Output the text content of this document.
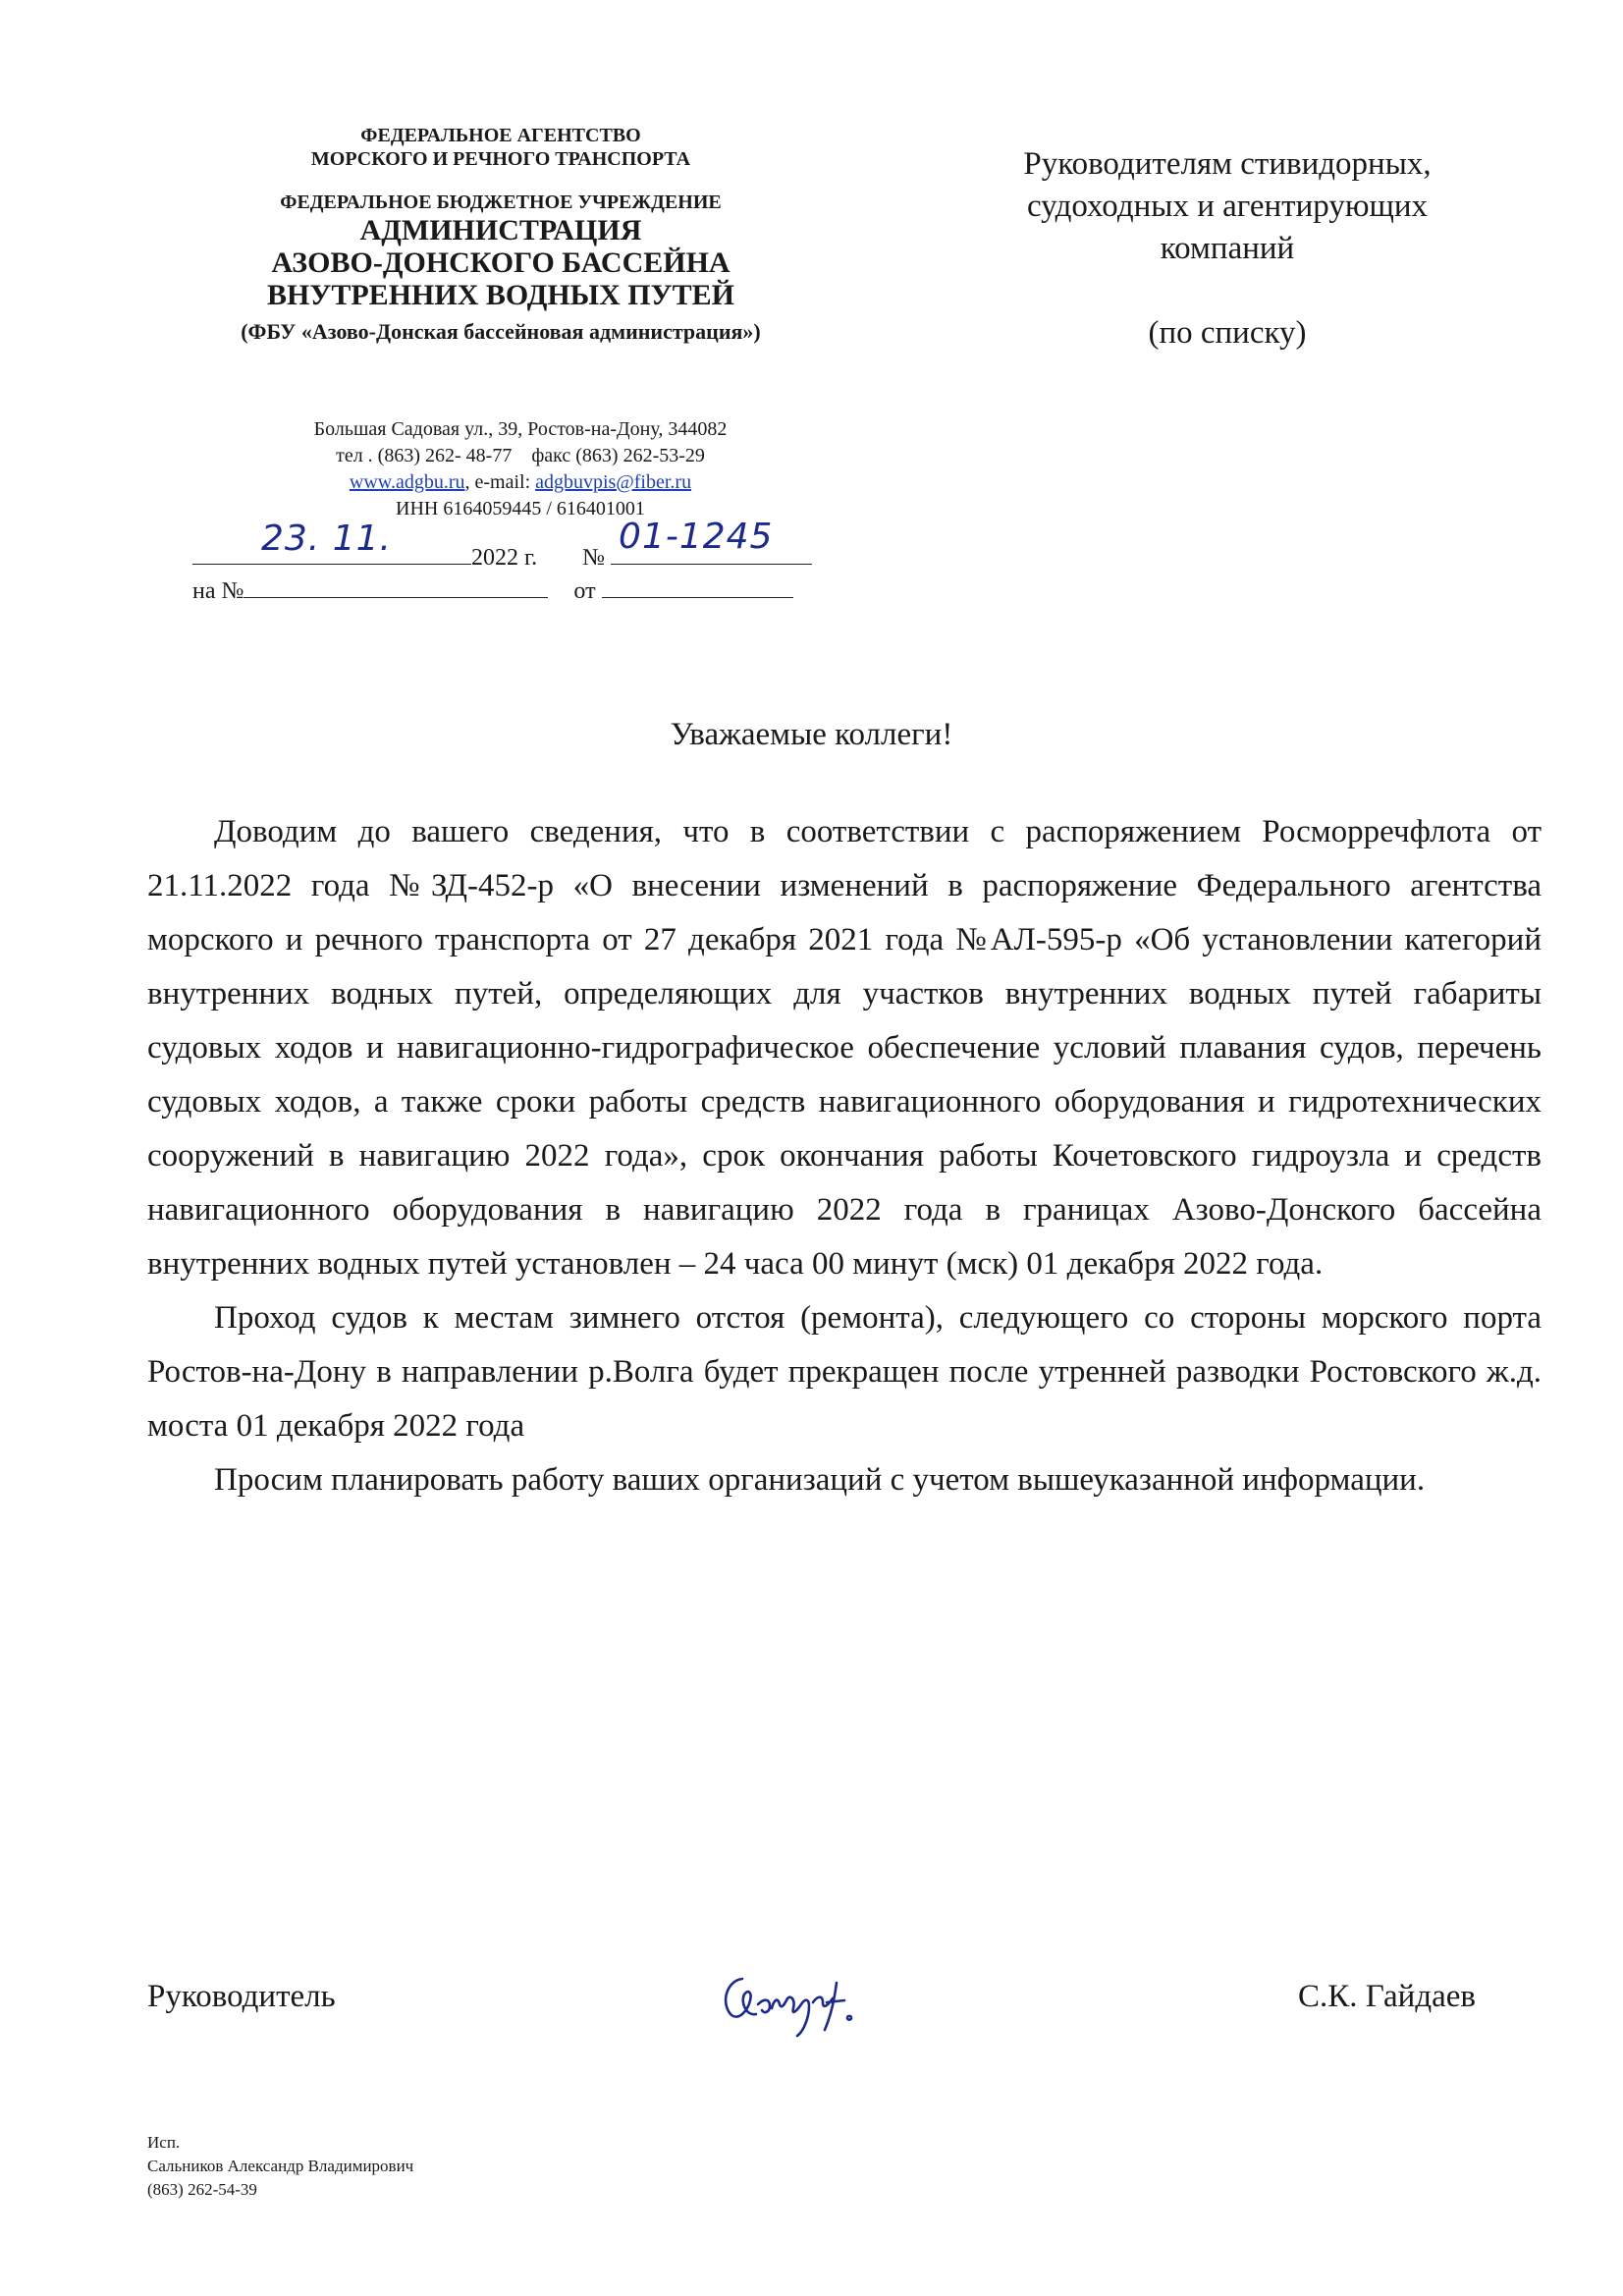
ФЕДЕРАЛЬНОЕ АГЕНТСТВО
МОРСКОГО И РЕЧНОГО ТРАНСПОРТА
ФЕДЕРАЛЬНОЕ БЮДЖЕТНОЕ УЧРЕЖДЕНИЕ
АДМИНИСТРАЦИЯ
АЗОВО-ДОНСКОГО БАССЕЙНА
ВНУТРЕННИХ ВОДНЫХ ПУТЕЙ
(ФБУ «Азово-Донская бассейновая администрация»)
Большая Садовая ул., 39, Ростов-на-Дону, 344082
тел . (863) 262- 48-77 факс (863) 262-53-29
www.adgbu.ru, e-mail: adgbuvpis@fiber.ru
ИНН 6164059445 / 616401001
23. 11.	2022 г. №
01-1245
на №	от
Руководителям стивидорных,
судоходных и агентирующих
компаний
(по списку)
Уважаемые коллеги!

Доводим до вашего сведения, что в соответствии с распоряжением Росморречфлота от 21.11.2022 года №ЗД-452-р «О внесении изменений в распоряжение Федерального агентства морского и речного транспорта от 27 декабря 2021 года №АЛ-595-р «Об установлении категорий внутренних водных путей, определяющих для участков внутренних водных путей габариты судовых ходов и навигационно-гидрографическое обеспечение условий плавания судов, перечень судовых ходов, а также сроки работы средств навигационного оборудования и гидротехнических сооружений в навигацию 2022 года», срок окончания работы Кочетовского гидроузла и средств навигационного оборудования в навигацию 2022 года в границах Азово-Донского бассейна внутренних водных путей установлен – 24 часа 00 минут (мск) 01 декабря 2022 года.

Проход судов к местам зимнего отстоя (ремонта), следующего со стороны морского порта Ростов-на-Дону в направлении р.Волга будет прекращен после утренней разводки Ростовского ж.д. моста 01 декабря 2022 года

Просим планировать работу ваших организаций с учетом вышеуказанной информации.

Руководитель	С.К. Гайдаев
Исп.
Сальников Александр Владимирович
(863) 262-54-39
